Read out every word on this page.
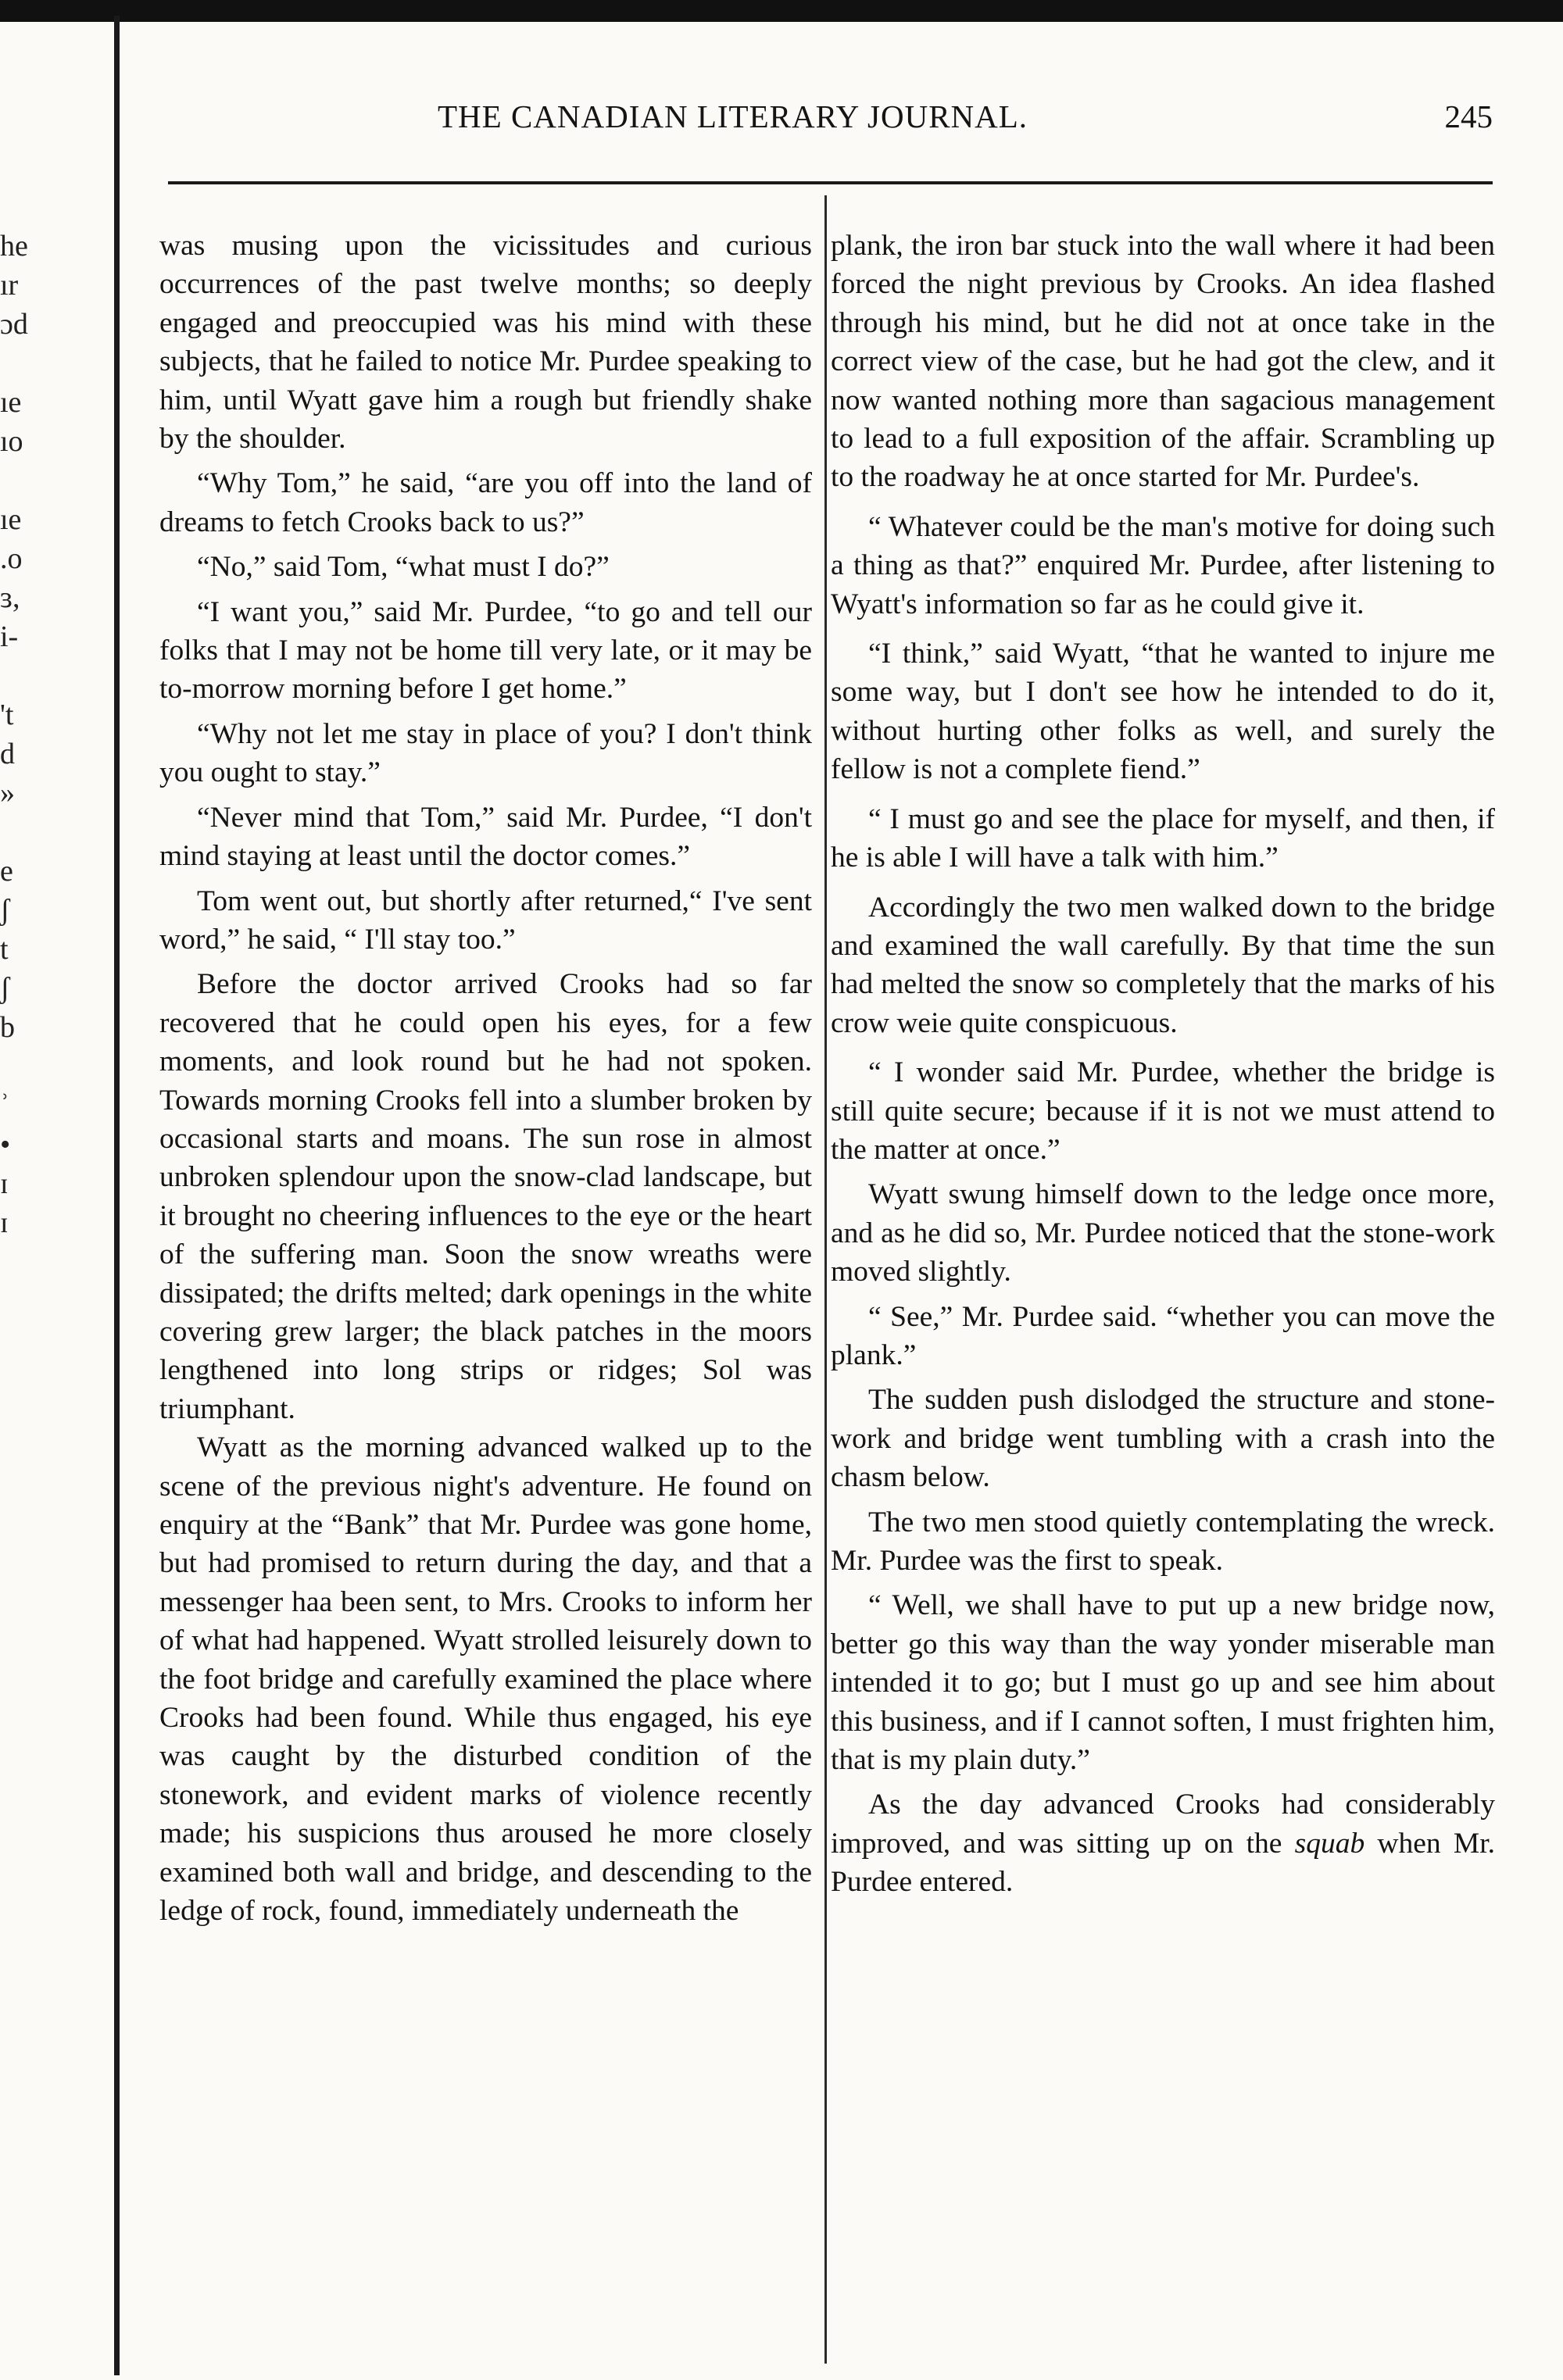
he
ır
ɔd
ıe
ıo
ıe
.o
ɜ,
i-
't
d
»
e
ʃ
t
ʃ
b
ʾ
•
ɪ
ɪ
THE CANADIAN LITERARY JOURNAL.	245

was musing upon the vicissitudes and curious occurrences of the past twelve months; so deeply engaged and preoccupied was his mind with these subjects, that he failed to notice Mr. Purdee speaking to him, until Wyatt gave him a rough but friendly shake by the shoulder.

“Why Tom,” he said, “are you off into the land of dreams to fetch Crooks back to us?”

“No,” said Tom, “what must I do?”

“I want you,” said Mr. Purdee, “to go and tell our folks that I may not be home till very late, or it may be to-morrow morning before I get home.”

“Why not let me stay in place of you? I don't think you ought to stay.”

“Never mind that Tom,” said Mr. Purdee, “I don't mind staying at least until the doctor comes.”

Tom went out, but shortly after returned,“ I've sent word,” he said, “ I'll stay too.”

Before the doctor arrived Crooks had so far recovered that he could open his eyes, for a few moments, and look round but he had not spoken. Towards morning Crooks fell into a slumber broken by occasional starts and moans. The sun rose in almost unbroken splendour upon the snow-clad landscape, but it brought no cheering influences to the eye or the heart of the suffering man. Soon the snow wreaths were dissipated; the drifts melted; dark openings in the white covering grew larger; the black patches in the moors lengthened into long strips or ridges; Sol was triumphant.

Wyatt as the morning advanced walked up to the scene of the previous night's adventure. He found on enquiry at the “Bank” that Mr. Purdee was gone home, but had promised to return during the day, and that a messenger haa been sent, to Mrs. Crooks to inform her of what had happened. Wyatt strolled leisurely down to the foot bridge and carefully examined the place where Crooks had been found. While thus engaged, his eye was caught by the disturbed condition of the stonework, and evident marks of violence recently made; his suspicions thus aroused he more closely examined both wall and bridge, and descending to the ledge of rock, found, immediately underneath the

plank, the iron bar stuck into the wall where it had been forced the night previous by Crooks. An idea flashed through his mind, but he did not at once take in the correct view of the case, but he had got the clew, and it now wanted nothing more than sagacious management to lead to a full exposition of the affair. Scrambling up to the roadway he at once started for Mr. Purdee's.

“ Whatever could be the man's motive for doing such a thing as that?” enquired Mr. Purdee, after listening to Wyatt's information so far as he could give it.

“I think,” said Wyatt, “that he wanted to injure me some way, but I don't see how he intended to do it, without hurting other folks as well, and surely the fellow is not a complete fiend.”

“ I must go and see the place for myself, and then, if he is able I will have a talk with him.”

Accordingly the two men walked down to the bridge and examined the wall carefully. By that time the sun had melted the snow so completely that the marks of his crow weie quite conspicuous.

“ I wonder said Mr. Purdee, whether the bridge is still quite secure; because if it is not we must attend to the matter at once.”

Wyatt swung himself down to the ledge once more, and as he did so, Mr. Purdee noticed that the stone-work moved slightly.

“ See,” Mr. Purdee said. “whether you can move the plank.”

The sudden push dislodged the structure and stone-work and bridge went tumbling with a crash into the chasm below.

The two men stood quietly contemplating the wreck. Mr. Purdee was the first to speak.

“ Well, we shall have to put up a new bridge now, better go this way than the way yonder miserable man intended it to go; but I must go up and see him about this business, and if I cannot soften, I must frighten him, that is my plain duty.”

As the day advanced Crooks had considerably improved, and was sitting up on the squab when Mr. Purdee entered.
